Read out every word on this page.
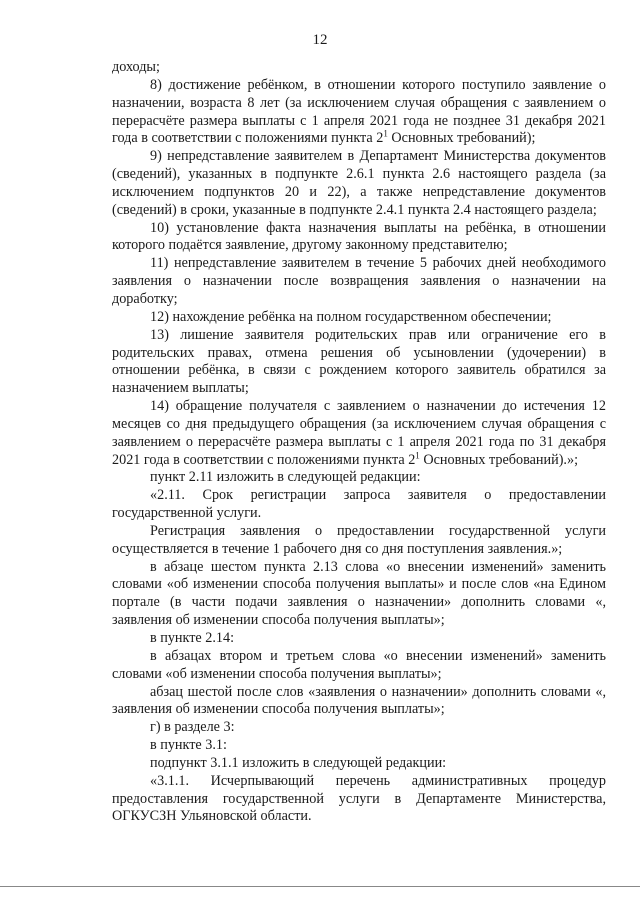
12

доходы;

8) достижение ребёнком, в отношении которого поступило заявление о назначении, возраста 8 лет (за исключением случая обращения с заявлением о перерасчёте размера выплаты с 1 апреля 2021 года не позднее 31 декабря 2021 года в соответствии с положениями пункта $2^1$ Основных требований);

9) непредставление заявителем в Департамент Министерства документов (сведений), указанных в подпункте 2.6.1 пункта 2.6 настоящего раздела (за исключением подпунктов 20 и 22), а также непредставление документов (сведений) в сроки, указанные в подпункте 2.4.1 пункта 2.4 настоящего раздела;

10) установление факта назначения выплаты на ребёнка, в отношении которого подаётся заявление, другому законному представителю;

11) непредставление заявителем в течение 5 рабочих дней необходимого заявления о назначении после возвращения заявления о назначении на доработку;

12) нахождение ребёнка на полном государственном обеспечении;

13) лишение заявителя родительских прав или ограничение его в родительских правах, отмена решения об усыновлении (удочерении) в отношении ребёнка, в связи с рождением которого заявитель обратился за назначением выплаты;

14) обращение получателя с заявлением о назначении до истечения 12 месяцев со дня предыдущего обращения (за исключением случая обращения с заявлением о перерасчёте размера выплаты с 1 апреля 2021 года по 31 декабря 2021 года в соответствии с положениями пункта $2^1$ Основных требований).»;

пункт 2.11 изложить в следующей редакции:

«2.11. Срок регистрации запроса заявителя о предоставлении государственной услуги.

Регистрация заявления о предоставлении государственной услуги осуществляется в течение 1 рабочего дня со дня поступления заявления.»;

в абзаце шестом пункта 2.13 слова «о внесении изменений» заменить словами «об изменении способа получения выплаты» и после слов «на Едином портале (в части подачи заявления о назначении» дополнить словами «, заявления об изменении способа получения выплаты»;

в пункте 2.14:

в абзацах втором и третьем слова «о внесении изменений» заменить словами «об изменении способа получения выплаты»;

абзац шестой после слов «заявления о назначении» дополнить словами «, заявления об изменении способа получения выплаты»;

г) в разделе 3:

в пункте 3.1:

подпункт 3.1.1 изложить в следующей редакции:

«3.1.1. Исчерпывающий перечень административных процедур предоставления государственной услуги в Департаменте Министерства, ОГКУСЗН Ульяновской области.
